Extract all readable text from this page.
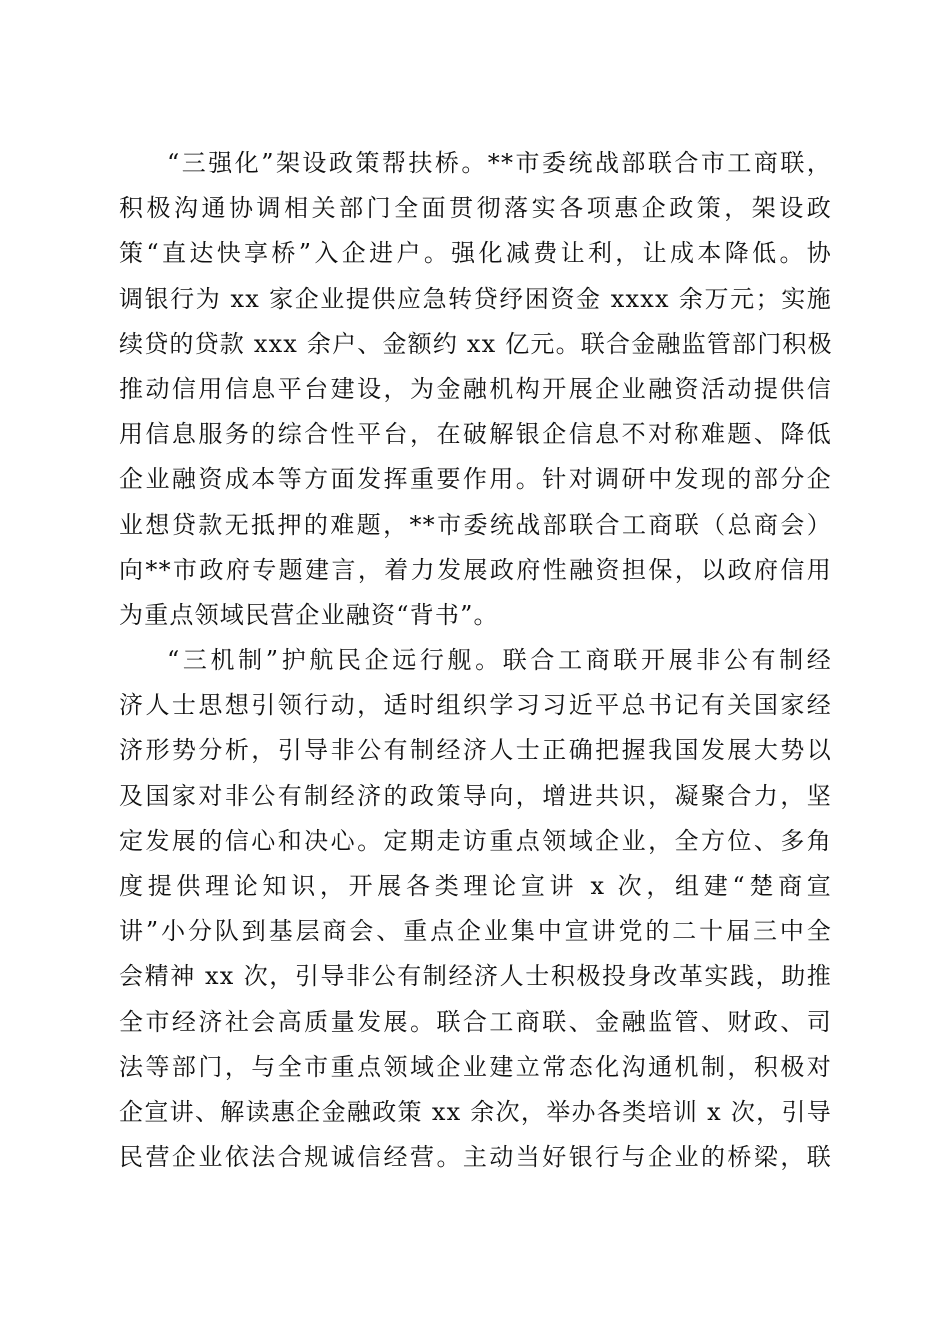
“三强化”架设政策帮扶桥。**市委统战部联合市工商联，
积极沟通协调相关部门全面贯彻落实各项惠企政策，架设政
策“直达快享桥”入企进户。强化减费让利，让成本降低。协
调银行为 xx 家企业提供应急转贷纾困资金 xxxx 余万元；实施
续贷的贷款 xxx 余户、金额约 xx 亿元。联合金融监管部门积极
推动信用信息平台建设，为金融机构开展企业融资活动提供信
用信息服务的综合性平台，在破解银企信息不对称难题、降低
企业融资成本等方面发挥重要作用。针对调研中发现的部分企
业想贷款无抵押的难题，**市委统战部联合工商联（总商会）
向**市政府专题建言，着力发展政府性融资担保，以政府信用
为重点领域民营企业融资“背书”。

“三机制”护航民企远行舰。联合工商联开展非公有制经
济人士思想引领行动，适时组织学习习近平总书记有关国家经
济形势分析，引导非公有制经济人士正确把握我国发展大势以
及国家对非公有制经济的政策导向，增进共识，凝聚合力，坚
定发展的信心和决心。定期走访重点领域企业，全方位、多角
度提供理论知识，开展各类理论宣讲 x 次，组建“楚商宣
讲”小分队到基层商会、重点企业集中宣讲党的二十届三中全
会精神 xx 次，引导非公有制经济人士积极投身改革实践，助推
全市经济社会高质量发展。联合工商联、金融监管、财政、司
法等部门，与全市重点领域企业建立常态化沟通机制，积极对
企宣讲、解读惠企金融政策 xx 余次，举办各类培训 x 次，引导
民营企业依法合规诚信经营。主动当好银行与企业的桥梁，联
